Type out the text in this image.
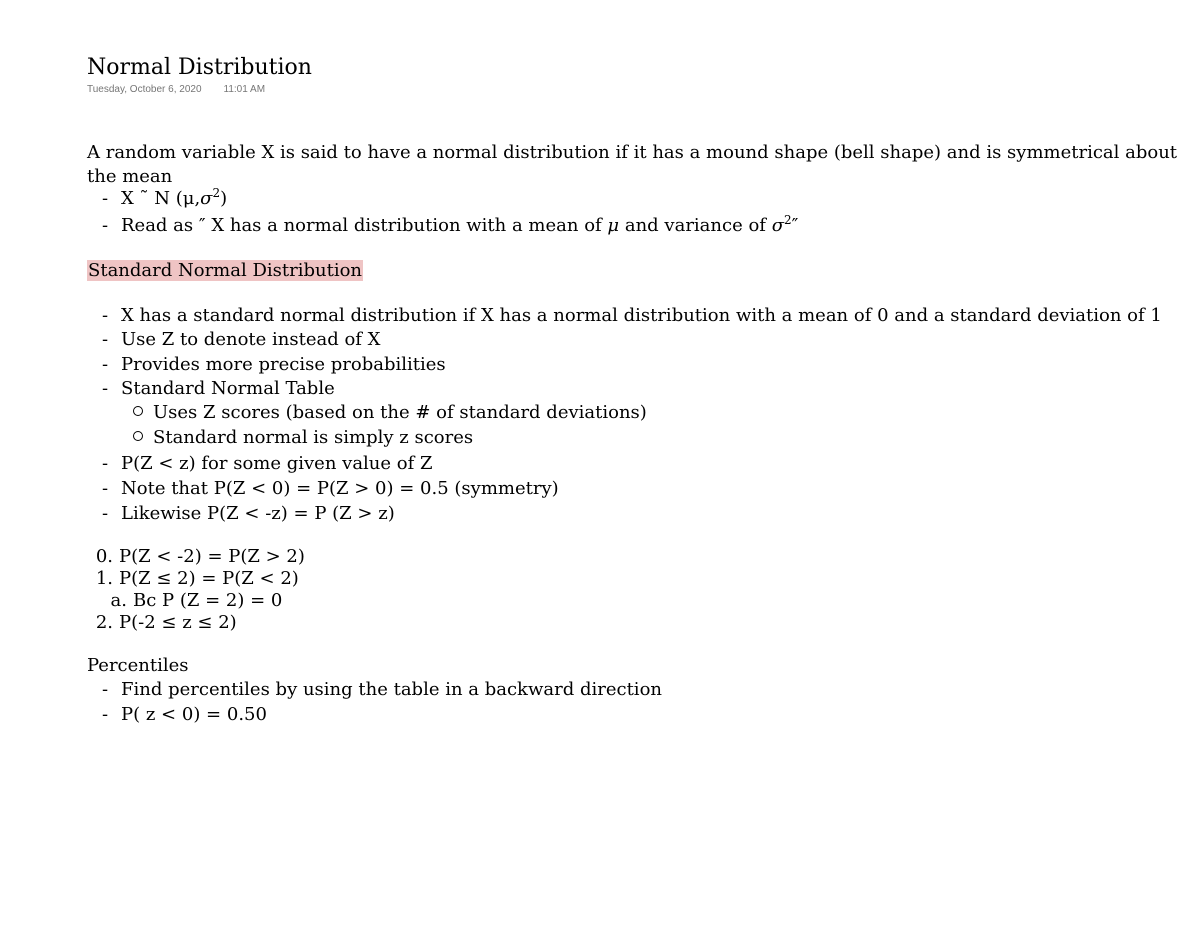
Normal Distribution
Tuesday, October 6, 2020 11:01 AM
A random variable X is said to have a normal distribution if it has a mound shape (bell shape) and is symmetrical about the mean
- X ˜ N $(\mu,\sigma^2)$
- Read as ″ X has a normal distribution with a mean of μ and variance of $\sigma^2''$
Standard Normal Distribution
- X has a standard normal distribution if X has a normal distribution with a mean of 0 and a standard deviation of 1
- Use Z to denote instead of X
- Provides more precise probabilities
- Standard Normal Table
Uses Z scores (based on the # of standard deviations)
Standard normal is simply z scores
- P(Z < z) for some given value of Z
- Note that P(Z < 0) = P(Z > 0) = 0.5 (symmetry)
- Likewise P(Z < -z) = P (Z > z)
0. P(Z < -2) = P(Z > 2)
1. P(Z ≤ 2) = P(Z < 2)
a. Bc P (Z = 2) = 0
2. P(-2 ≤ z ≤ 2)
Percentiles
- Find percentiles by using the table in a backward direction
- P( z < 0) = 0.50
